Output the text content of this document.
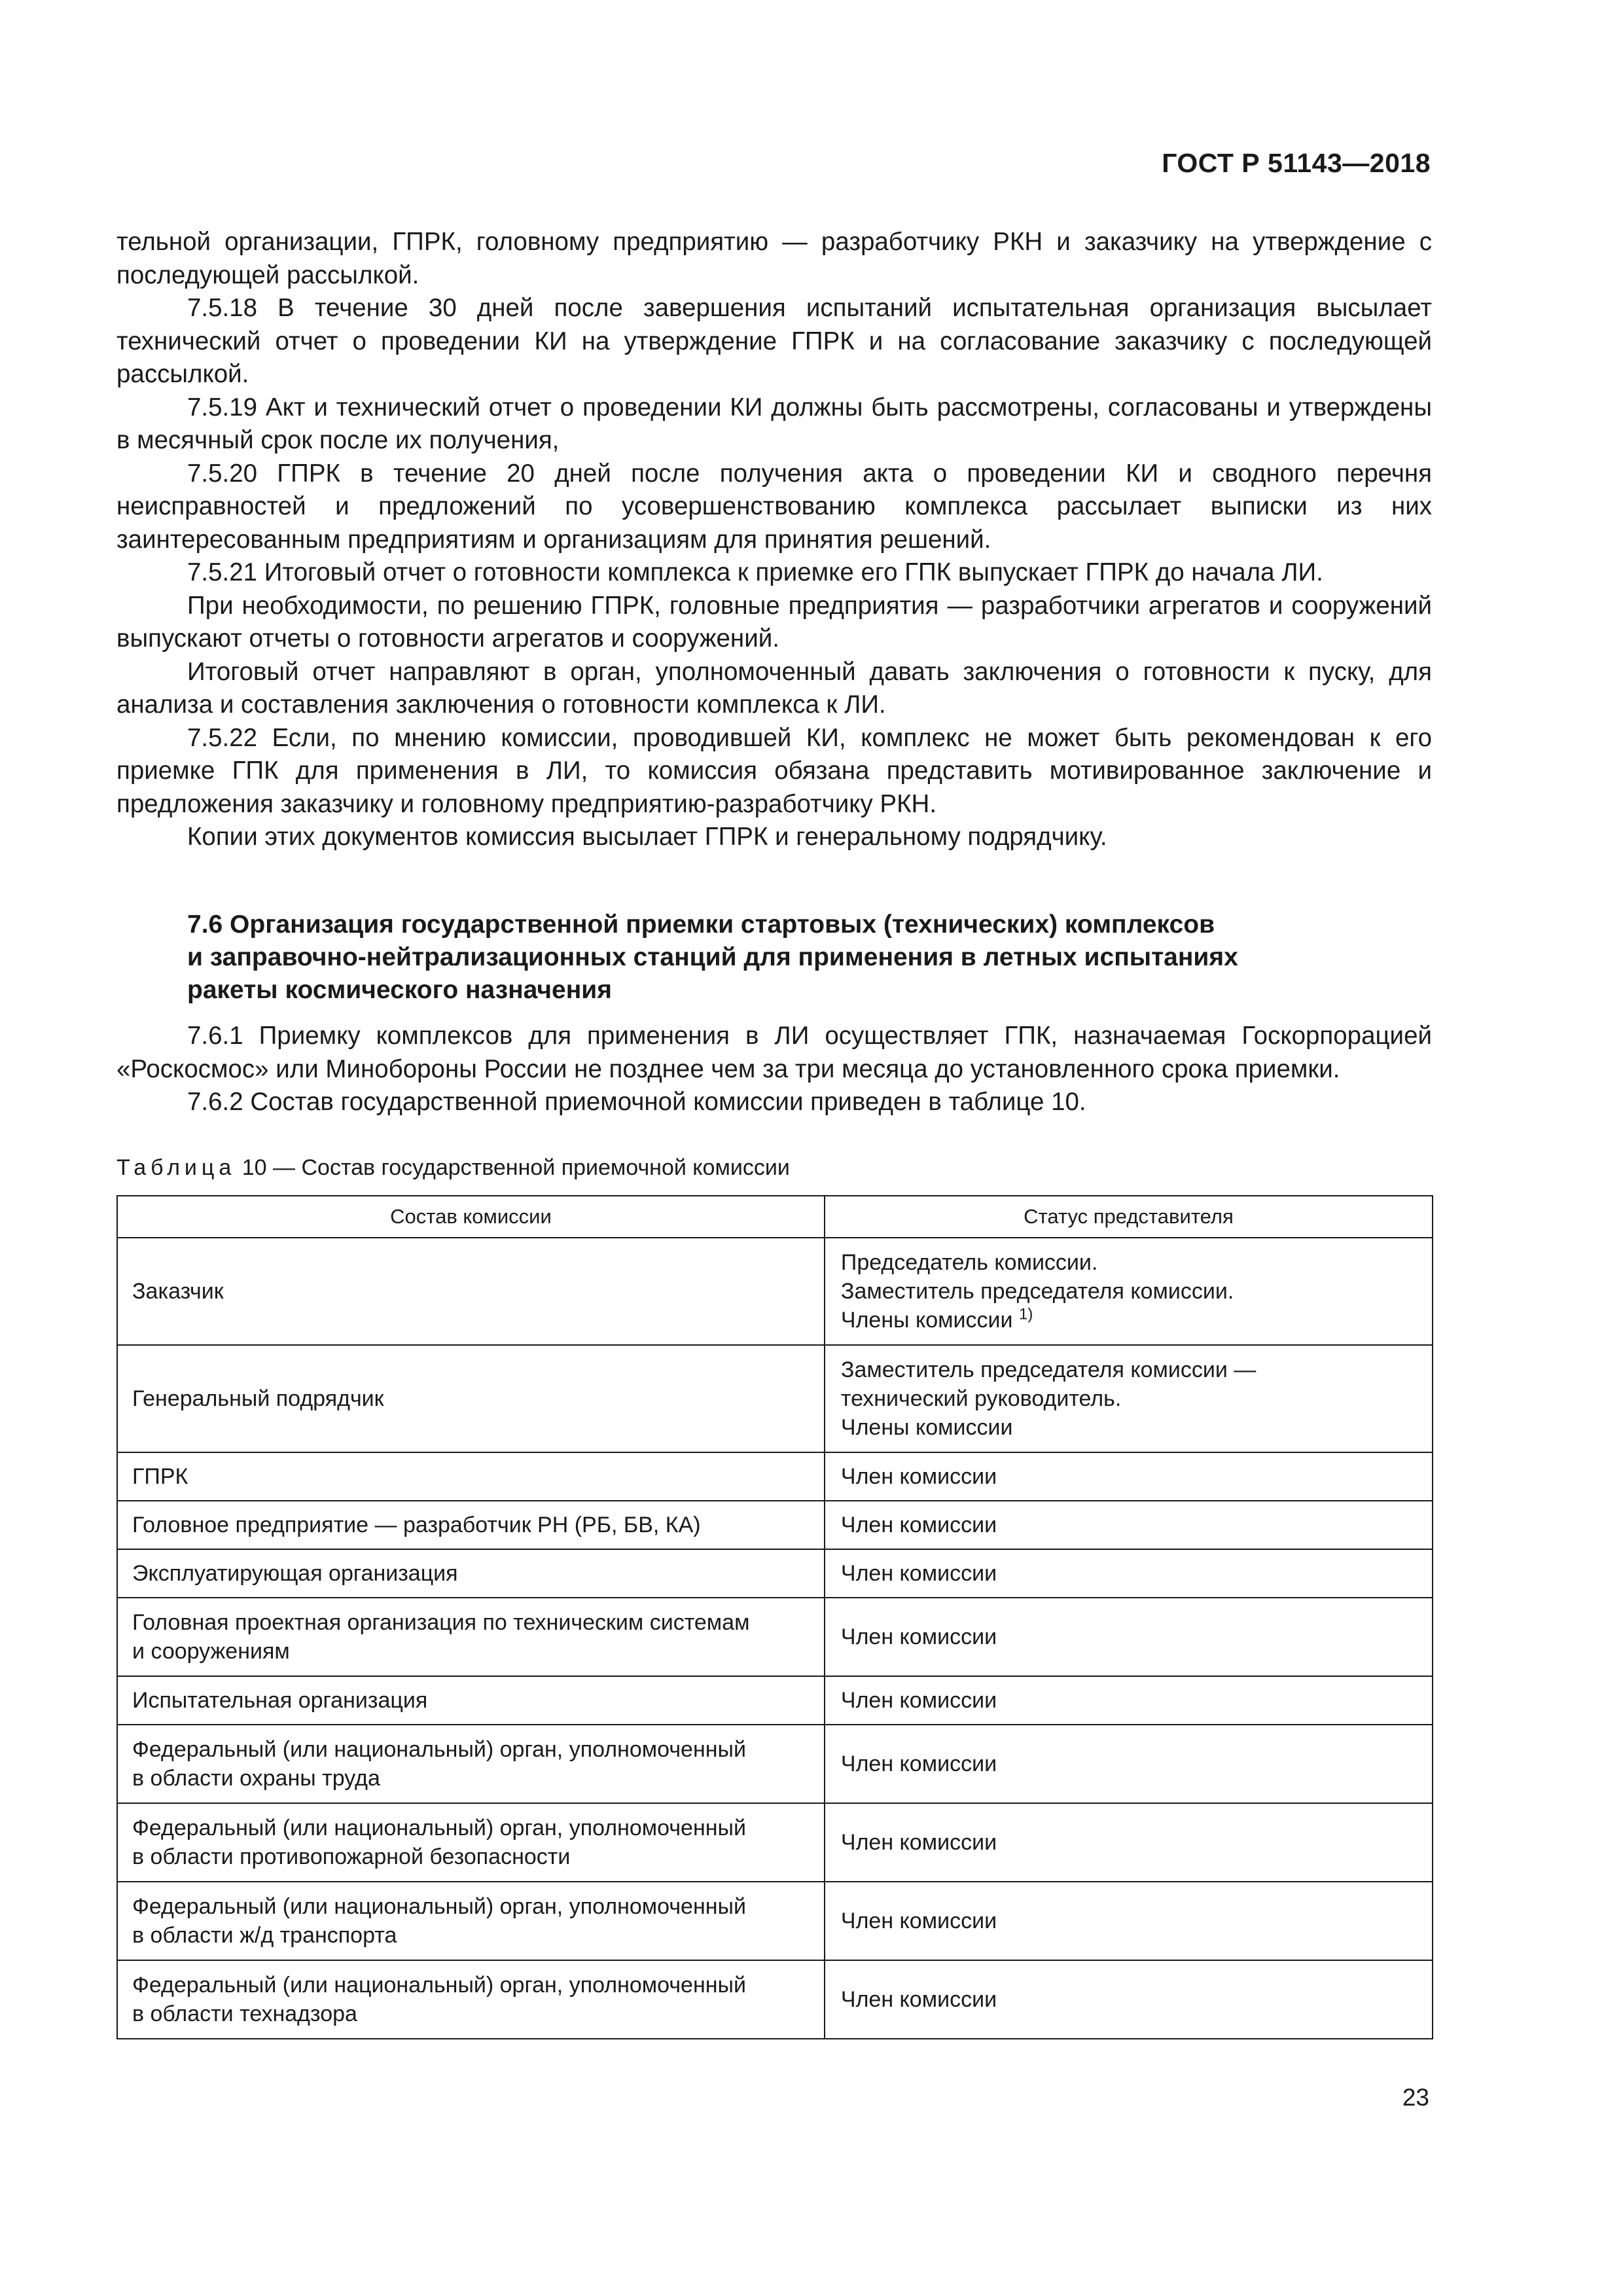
ГОСТ Р 51143—2018

тельной организации, ГПРК, головному предприятию — разработчику РКН и заказчику на утверждение с последующей рассылкой.

7.5.18 В течение 30 дней после завершения испытаний испытательная организация высылает технический отчет о проведении КИ на утверждение ГПРК и на согласование заказчику с последующей рассылкой.

7.5.19 Акт и технический отчет о проведении КИ должны быть рассмотрены, согласованы и утверждены в месячный срок после их получения,

7.5.20 ГПРК в течение 20 дней после получения акта о проведении КИ и сводного перечня неисправностей и предложений по усовершенствованию комплекса рассылает выписки из них заинтересованным предприятиям и организациям для принятия решений.

7.5.21 Итоговый отчет о готовности комплекса к приемке его ГПК выпускает ГПРК до начала ЛИ.

При необходимости, по решению ГПРК, головные предприятия — разработчики агрегатов и сооружений выпускают отчеты о готовности агрегатов и сооружений.

Итоговый отчет направляют в орган, уполномоченный давать заключения о готовности к пуску, для анализа и составления заключения о готовности комплекса к ЛИ.

7.5.22 Если, по мнению комиссии, проводившей КИ, комплекс не может быть рекомендован к его приемке ГПК для применения в ЛИ, то комиссия обязана представить мотивированное заключение и предложения заказчику и головному предприятию-разработчику РКН.

Копии этих документов комиссия высылает ГПРК и генеральному подрядчику.

7.6 Организация государственной приемки стартовых (технических) комплексов
и заправочно-нейтрализационных станций для применения в летных испытаниях
ракеты космического назначения

7.6.1 Приемку комплексов для применения в ЛИ осуществляет ГПК, назначаемая Госкорпорацией «Роскосмос» или Минобороны России не позднее чем за три месяца до установленного срока приемки.

7.6.2 Состав государственной приемочной комиссии приведен в таблице 10.

Таблица 10 — Состав государственной приемочной комиссии
Состав комиссии	Статус представителя
Заказчик	Председатель комиссии.
Заместитель председателя комиссии.
Члены комиссии $^{1)}$

Генеральный подрядчик	Заместитель председателя комиссии —
технический руководитель.
Члены комиссии

ГПРК	Член комиссии
Головное предприятие — разработчик РН (РБ, БВ, КА)	Член комиссии
Эксплуатирующая организация	Член комиссии

Головная проектная организация по техническим системам
и сооружениям	Член комиссии
Испытательная организация	Член комиссии

Федеральный (или национальный) орган, уполномоченный
в области охраны труда	Член комиссии

Федеральный (или национальный) орган, уполномоченный
в области противопожарной безопасности	Член комиссии

Федеральный (или национальный) орган, уполномоченный
в области ж/д транспорта	Член комиссии

Федеральный (или национальный) орган, уполномоченный
в области технадзора	Член комиссии
23
